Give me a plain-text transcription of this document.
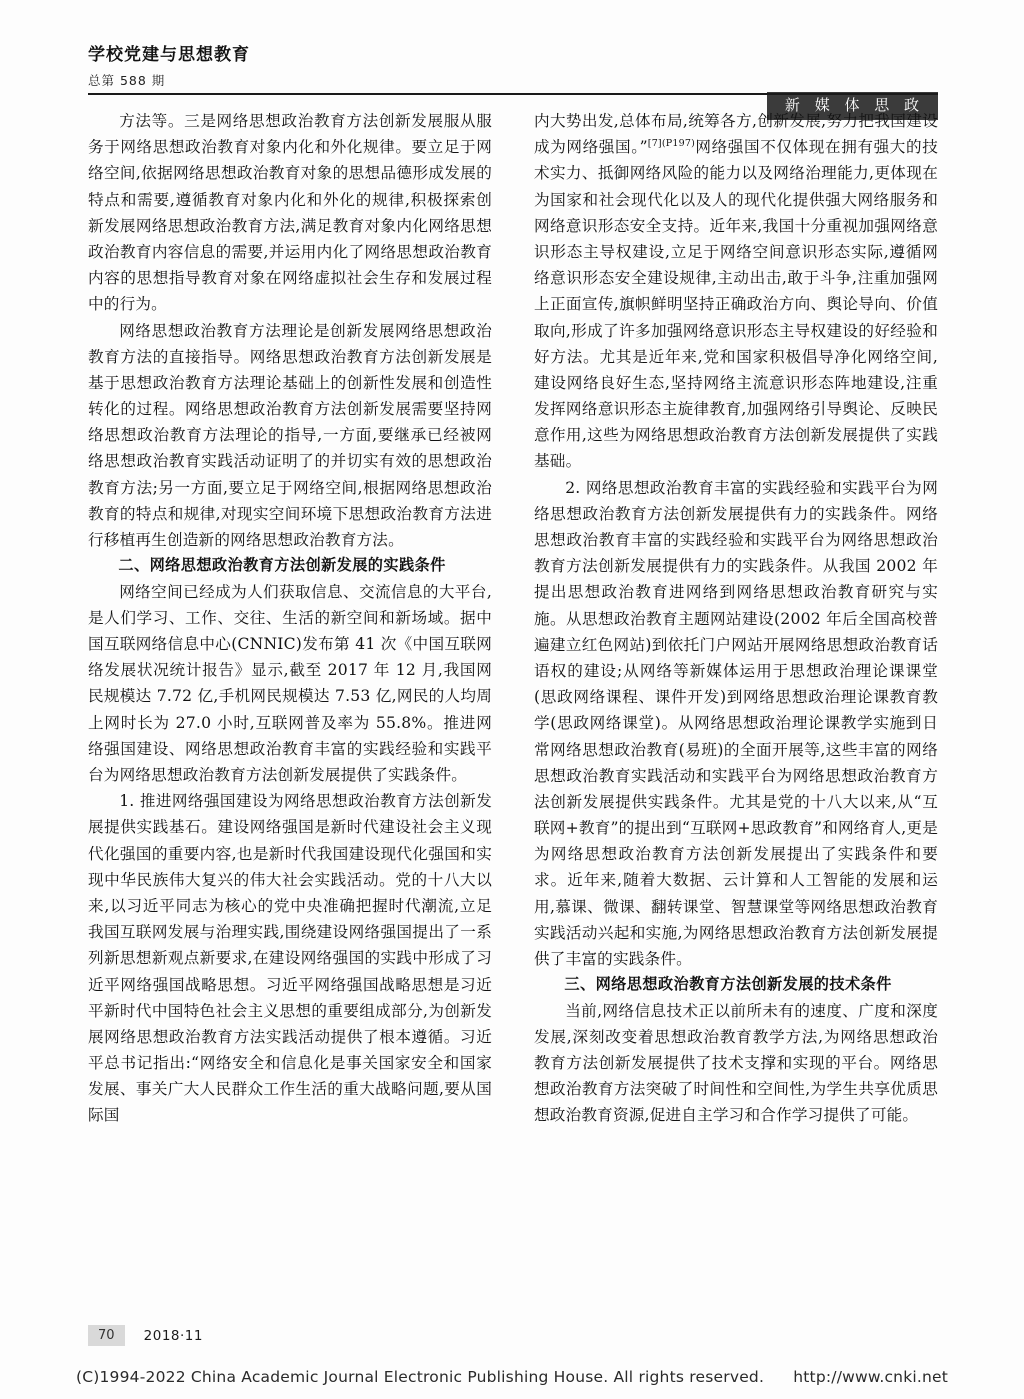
学校党建与思想教育
总第 588 期
新 媒 体 思 政

方法等。三是网络思想政治教育方法创新发展服从服务于网络思想政治教育对象内化和外化规律。要立足于网络空间,依据网络思想政治教育对象的思想品德形成发展的特点和需要,遵循教育对象内化和外化的规律,积极探索创新发展网络思想政治教育方法,满足教育对象内化网络思想政治教育内容信息的需要,并运用内化了网络思想政治教育内容的思想指导教育对象在网络虚拟社会生存和发展过程中的行为。

网络思想政治教育方法理论是创新发展网络思想政治教育方法的直接指导。网络思想政治教育方法创新发展是基于思想政治教育方法理论基础上的创新性发展和创造性转化的过程。网络思想政治教育方法创新发展需要坚持网络思想政治教育方法理论的指导,一方面,要继承已经被网络思想政治教育实践活动证明了的并切实有效的思想政治教育方法;另一方面,要立足于网络空间,根据网络思想政治教育的特点和规律,对现实空间环境下思想政治教育方法进行移植再生创造新的网络思想政治教育方法。

二、网络思想政治教育方法创新发展的实践条件

网络空间已经成为人们获取信息、交流信息的大平台,是人们学习、工作、交往、生活的新空间和新场域。据中国互联网络信息中心(CNNIC)发布第 41 次《中国互联网络发展状况统计报告》显示,截至 2017 年 12 月,我国网民规模达 7.72 亿,手机网民规模达 7.53 亿,网民的人均周上网时长为 27.0 小时,互联网普及率为 55.8%。推进网络强国建设、网络思想政治教育丰富的实践经验和实践平台为网络思想政治教育方法创新发展提供了实践条件。

1. 推进网络强国建设为网络思想政治教育方法创新发展提供实践基石。建设网络强国是新时代建设社会主义现代化强国的重要内容,也是新时代我国建设现代化强国和实现中华民族伟大复兴的伟大社会实践活动。党的十八大以来,以习近平同志为核心的党中央准确把握时代潮流,立足我国互联网发展与治理实践,围绕建设网络强国提出了一系列新思想新观点新要求,在建设网络强国的实践中形成了习近平网络强国战略思想。习近平网络强国战略思想是习近平新时代中国特色社会主义思想的重要组成部分,为创新发展网络思想政治教育方法实践活动提供了根本遵循。习近平总书记指出:“网络安全和信息化是事关国家安全和国家发展、事关广大人民群众工作生活的重大战略问题,要从国际国

内大势出发,总体布局,统筹各方,创新发展,努力把我国建设成为网络强国。”$^{[7](P197)}$网络强国不仅体现在拥有强大的技术实力、抵御网络风险的能力以及网络治理能力,更体现在为国家和社会现代化以及人的现代化提供强大网络服务和网络意识形态安全支持。近年来,我国十分重视加强网络意识形态主导权建设,立足于网络空间意识形态实际,遵循网络意识形态安全建设规律,主动出击,敢于斗争,注重加强网上正面宣传,旗帜鲜明坚持正确政治方向、舆论导向、价值取向,形成了许多加强网络意识形态主导权建设的好经验和好方法。尤其是近年来,党和国家积极倡导净化网络空间,建设网络良好生态,坚持网络主流意识形态阵地建设,注重发挥网络意识形态主旋律教育,加强网络引导舆论、反映民意作用,这些为网络思想政治教育方法创新发展提供了实践基础。

2. 网络思想政治教育丰富的实践经验和实践平台为网络思想政治教育方法创新发展提供有力的实践条件。网络思想政治教育丰富的实践经验和实践平台为网络思想政治教育方法创新发展提供有力的实践条件。从我国 2002 年提出思想政治教育进网络到网络思想政治教育研究与实施。从思想政治教育主题网站建设(2002 年后全国高校普遍建立红色网站)到依托门户网站开展网络思想政治教育话语权的建设;从网络等新媒体运用于思想政治理论课课堂(思政网络课程、课件开发)到网络思想政治理论课教育教学(思政网络课堂)。从网络思想政治理论课教学实施到日常网络思想政治教育(易班)的全面开展等,这些丰富的网络思想政治教育实践活动和实践平台为网络思想政治教育方法创新发展提供实践条件。尤其是党的十八大以来,从“互联网+教育”的提出到“互联网+思政教育”和网络育人,更是为网络思想政治教育方法创新发展提出了实践条件和要求。近年来,随着大数据、云计算和人工智能的发展和运用,慕课、微课、翻转课堂、智慧课堂等网络思想政治教育实践活动兴起和实施,为网络思想政治教育方法创新发展提供了丰富的实践条件。

三、网络思想政治教育方法创新发展的技术条件

当前,网络信息技术正以前所未有的速度、广度和深度发展,深刻改变着思想政治教育教学方法,为网络思想政治教育方法创新发展提供了技术支撑和实现的平台。网络思想政治教育方法突破了时间性和空间性,为学生共享优质思想政治教育资源,促进自主学习和合作学习提供了可能。

70 2018·11
(C)1994-2022 China Academic Journal Electronic Publishing House. All rights reserved. http://www.cnki.net
